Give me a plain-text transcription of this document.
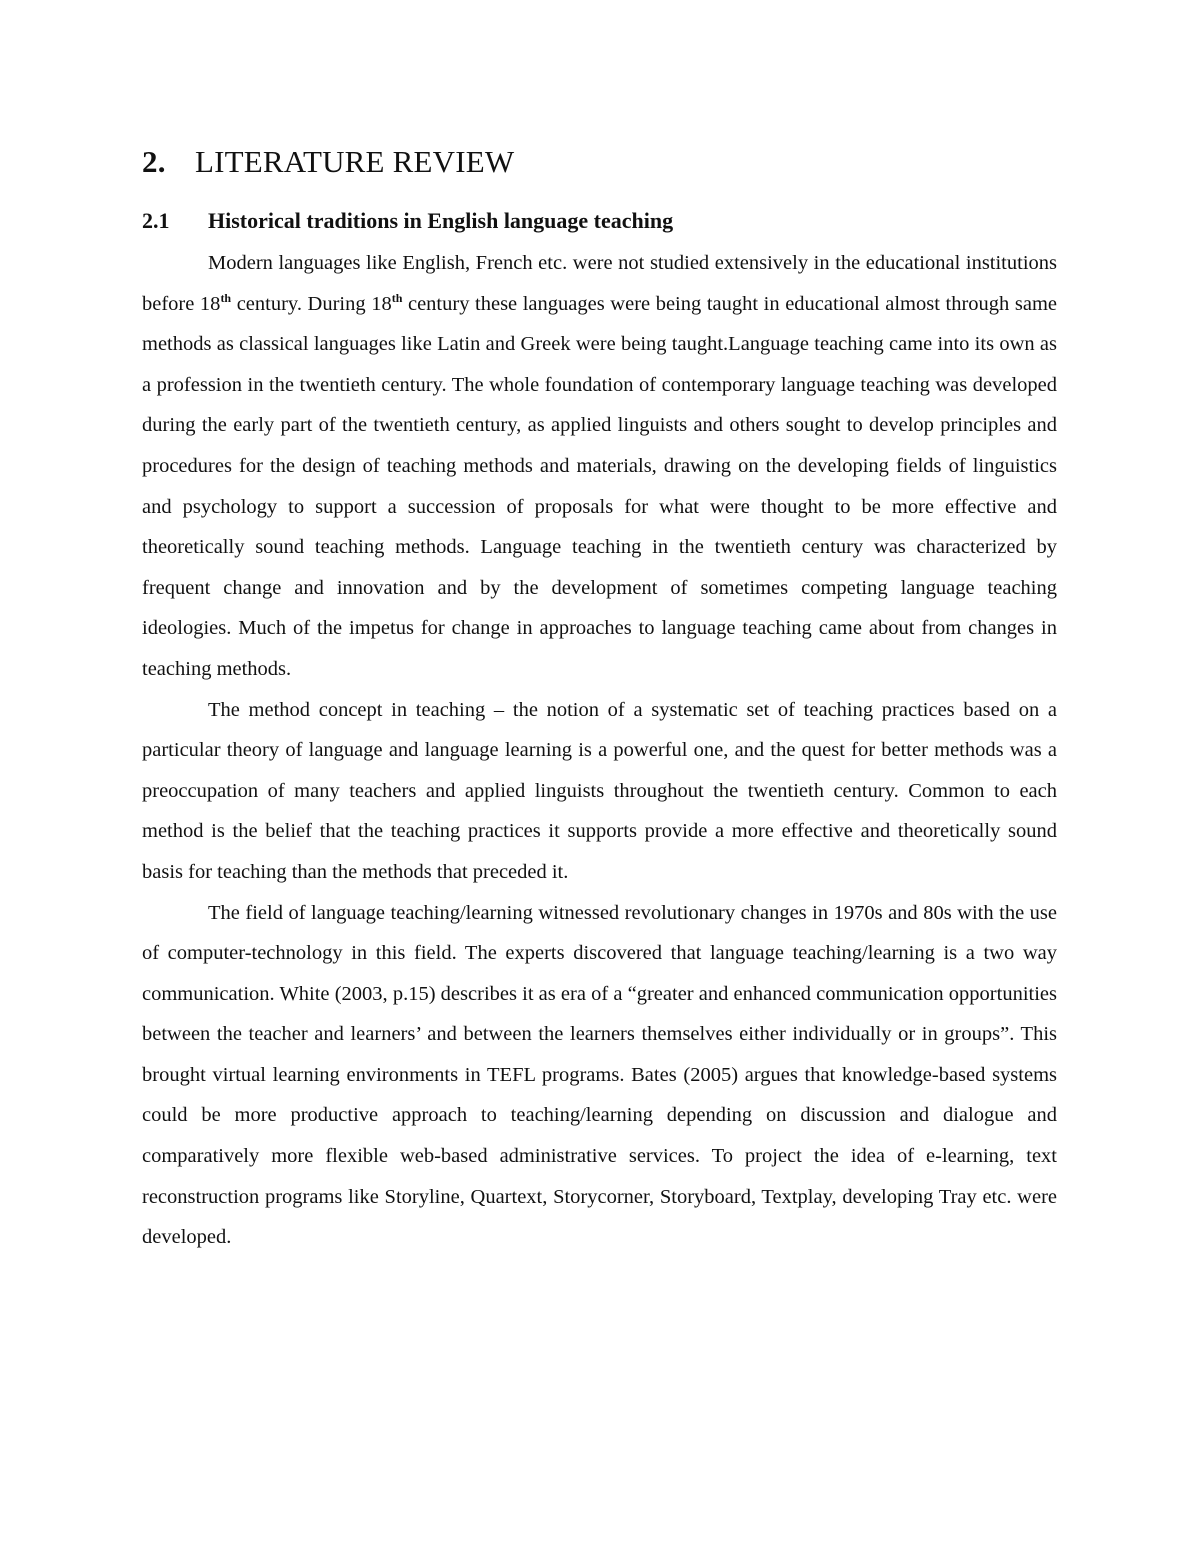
2. LITERATURE REVIEW
2.1	Historical traditions in English language teaching

Modern languages like English, French etc. were not studied extensively in the educational institutions before 18th century. During 18th century these languages were being taught in educational almost through same methods as classical languages like Latin and Greek were being taught.Language teaching came into its own as a profession in the twentieth century. The whole foundation of contemporary language teaching was developed during the early part of the twentieth century, as applied linguists and others sought to develop principles and procedures for the design of teaching methods and materials, drawing on the developing fields of linguistics and psychology to support a succession of proposals for what were thought to be more effective and theoretically sound teaching methods. Language teaching in the twentieth century was characterized by frequent change and innovation and by the development of sometimes competing language teaching ideologies. Much of the impetus for change in approaches to language teaching came about from changes in teaching methods.

The method concept in teaching – the notion of a systematic set of teaching practices based on a particular theory of language and language learning is a powerful one, and the quest for better methods was a preoccupation of many teachers and applied linguists throughout the twentieth century. Common to each method is the belief that the teaching practices it supports provide a more effective and theoretically sound basis for teaching than the methods that preceded it.

The field of language teaching/learning witnessed revolutionary changes in 1970s and 80s with the use of computer-technology in this field. The experts discovered that language teaching/learning is a two way communication. White (2003, p.15) describes it as era of a “greater and enhanced communication opportunities between the teacher and learners’ and between the learners themselves either individually or in groups”. This brought virtual learning environments in TEFL programs. Bates (2005) argues that knowledge-based systems could be more productive approach to teaching/learning depending on discussion and dialogue and comparatively more flexible web-based administrative services. To project the idea of e-learning, text reconstruction programs like Storyline, Quartext, Storycorner, Storyboard, Textplay, developing Tray etc. were developed.
